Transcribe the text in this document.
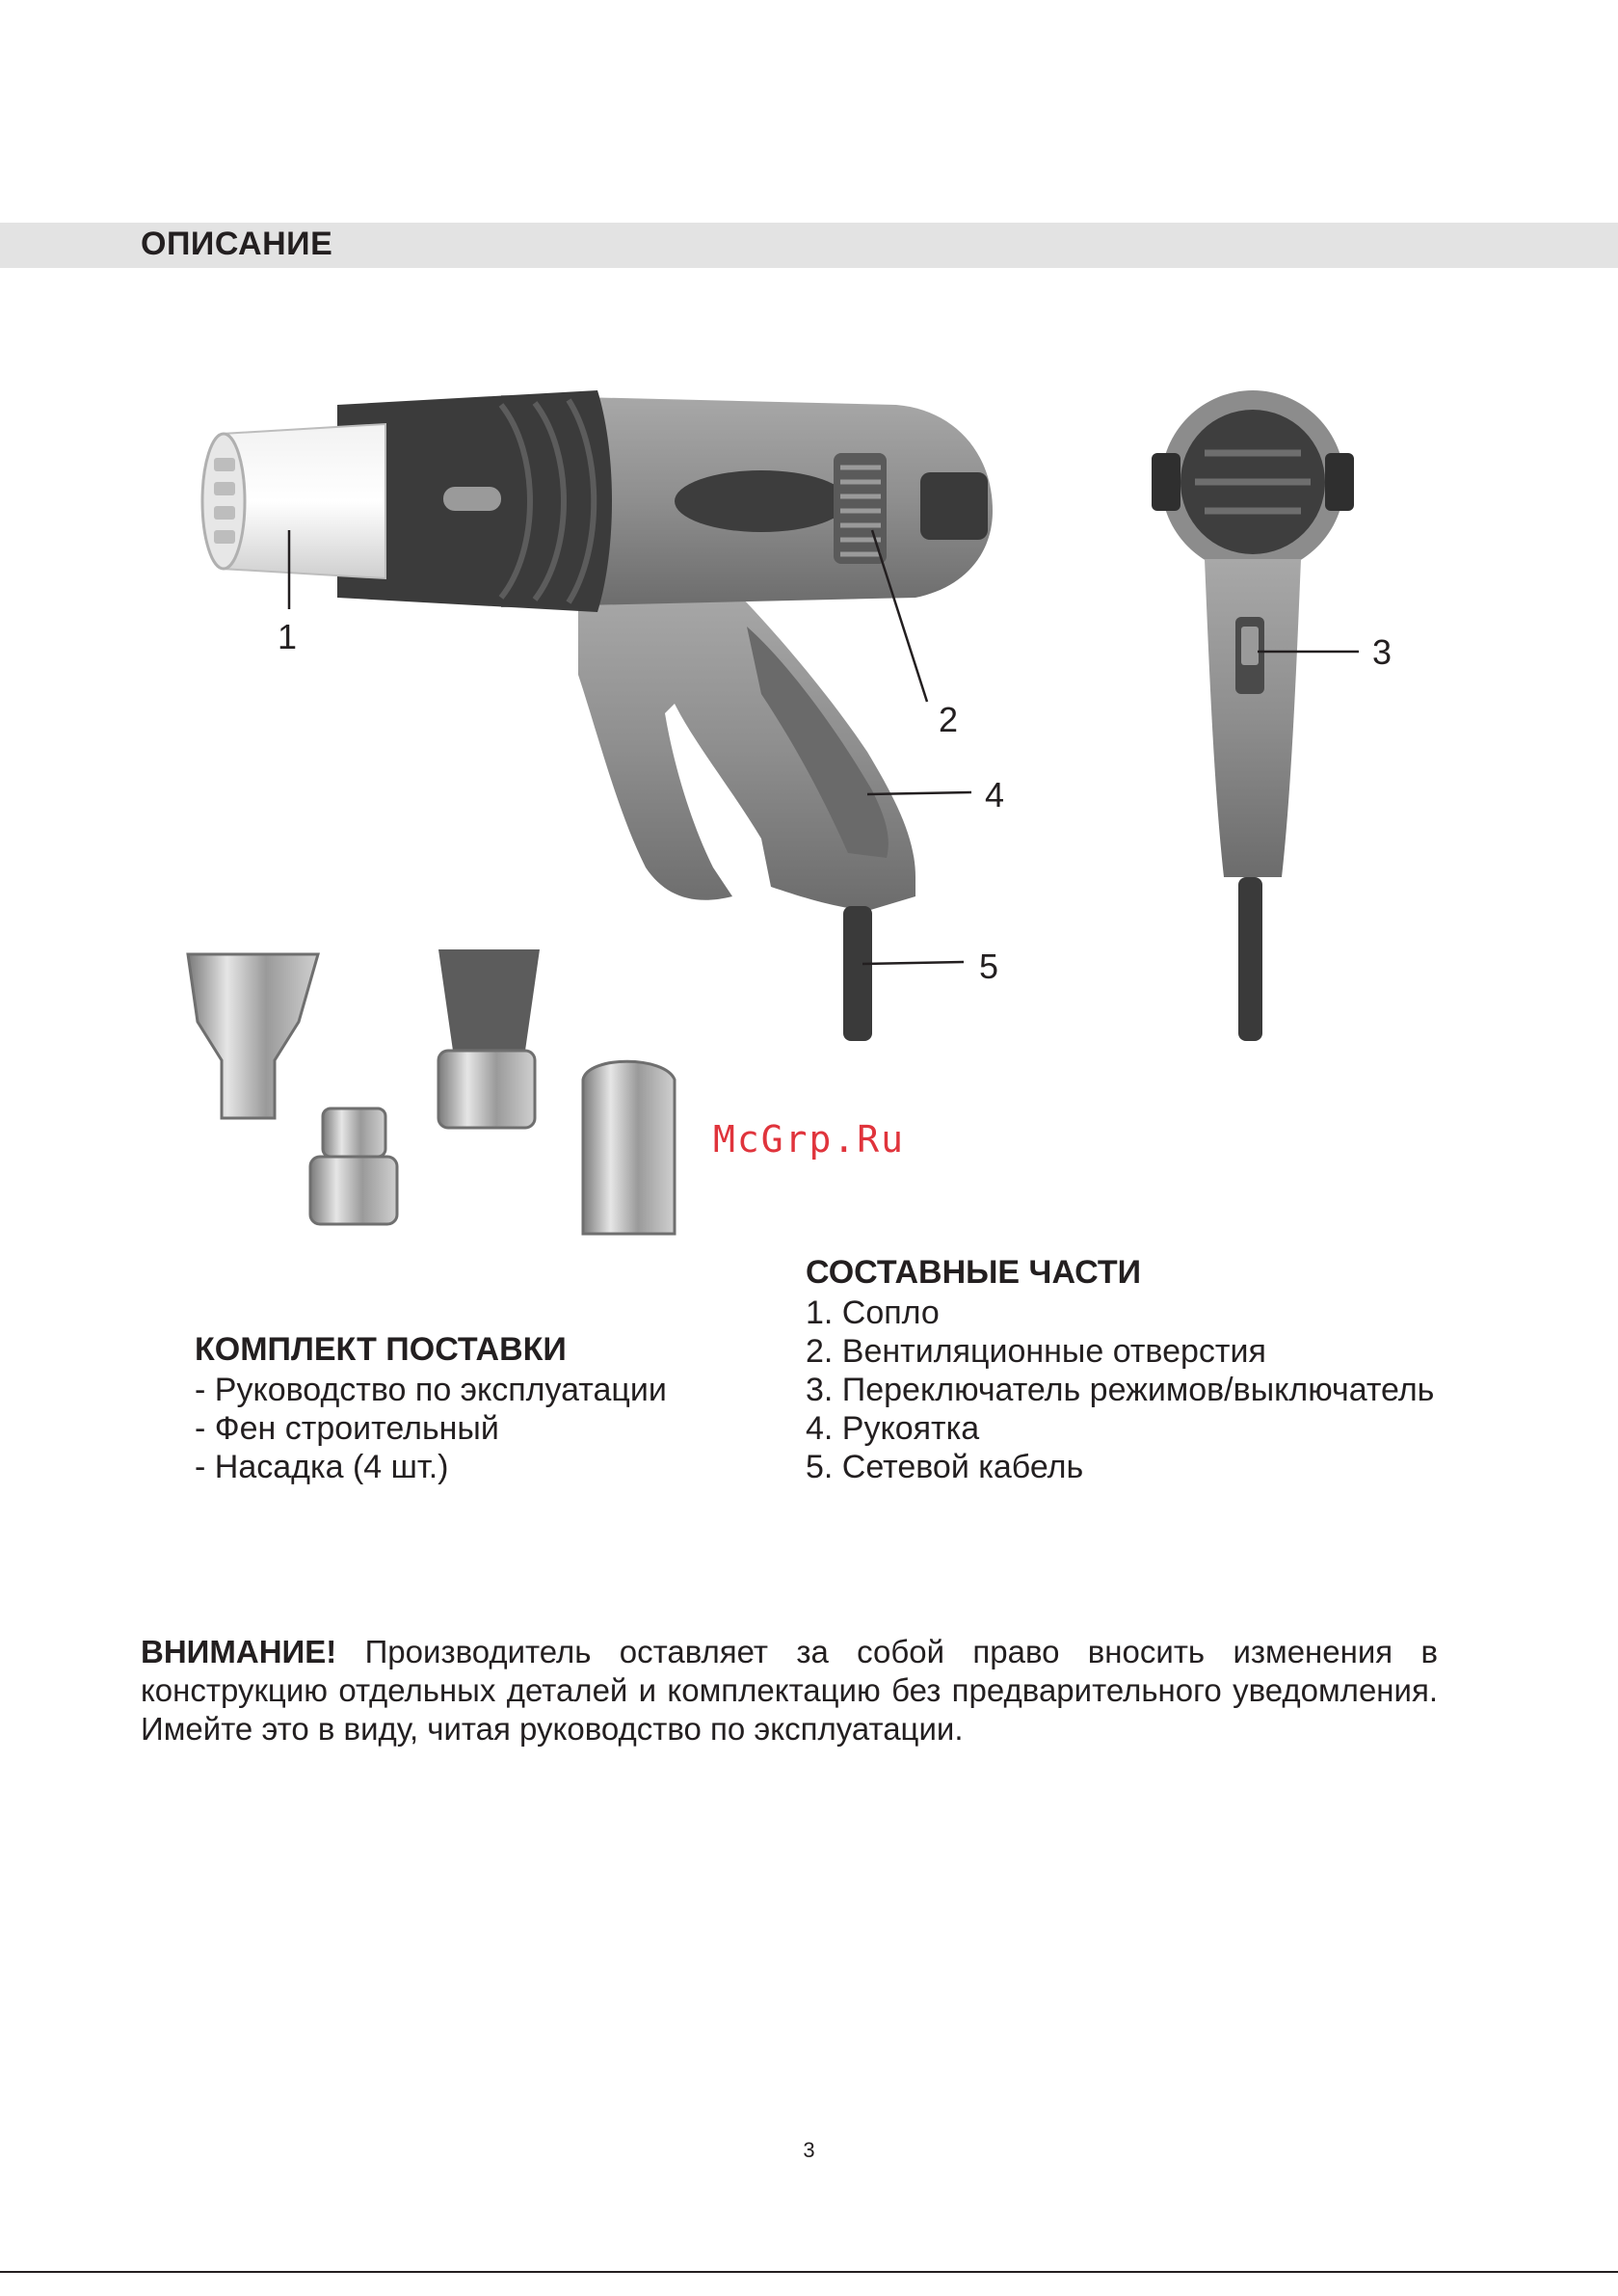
ОПИСАНИЕ
1
2
3
4
5
McGrp.Ru
КОМПЛЕКТ ПОСТАВКИ
- Руководство по эксплуатации
- Фен строительный
- Насадка (4 шт.)
СОСТАВНЫЕ ЧАСТИ
1. Сопло
2. Вентиляционные отверстия
3. Переключатель режимов/выключатель
4. Рукоятка
5. Сетевой кабель
ВНИМАНИЕ! Производитель оставляет за собой право вносить изменения в конструкцию отдельных деталей и комплектацию без предварительного уведомления. Имейте это в виду, читая руководство по эксплуатации.
3
